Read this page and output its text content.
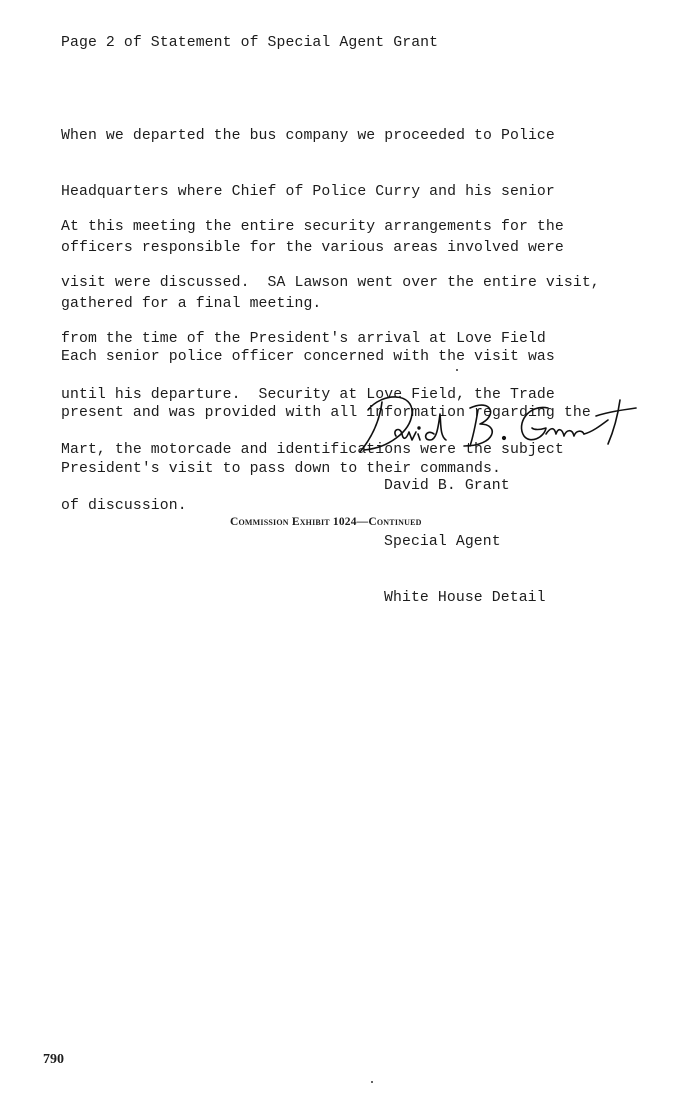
Page 2 of Statement of Special Agent Grant

When we departed the bus company we proceeded to Police

Headquarters where Chief of Police Curry and his senior

officers responsible for the various areas involved were

gathered for a final meeting.

At this meeting the entire security arrangements for the

visit were discussed.  SA Lawson went over the entire visit,

from the time of the President's arrival at Love Field

until his departure.  Security at Love Field, the Trade

Mart, the motorcade and identifications were the subject

of discussion.

Each senior police officer concerned with the visit was

present and was provided with all information regarding the

President's visit to pass down to their commands.

David B. Grant

Special Agent

White House Detail

Commission Exhibit 1024—Continued
790
